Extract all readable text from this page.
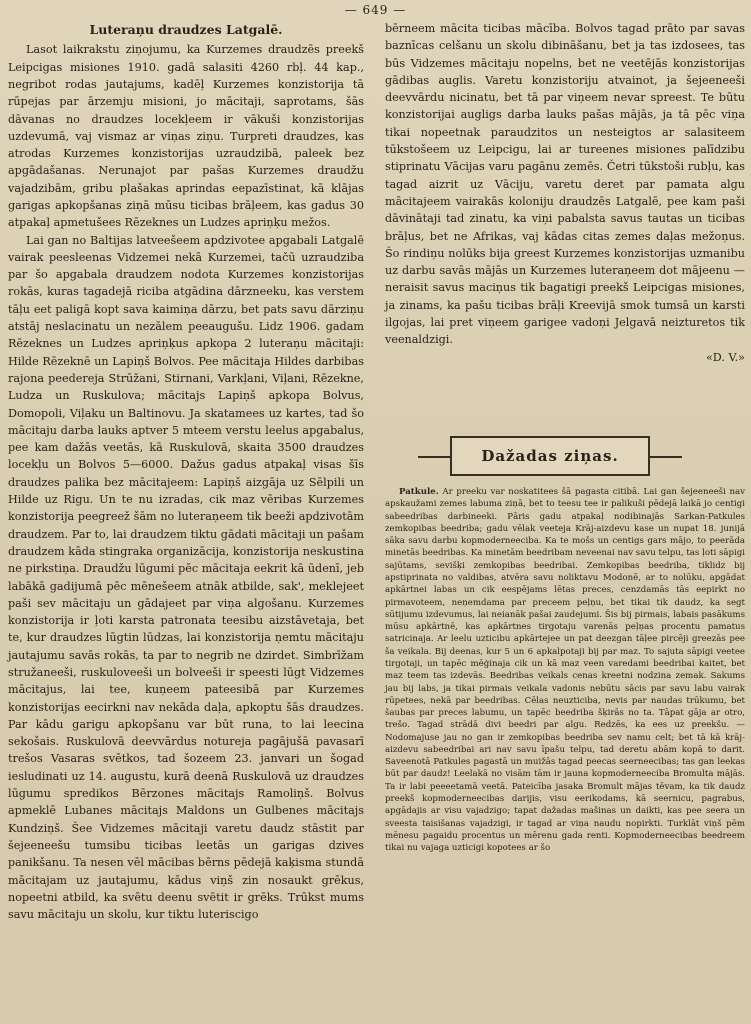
— 649 —
Luteraņu draudzes Latgalē.

Lasot laikrakstu ziņojumu, ka Kurzemes draudzēs preekš Leipcigas misiones 1910. gadā salasiti 4260 rbļ. 44 kap., negribot rodas jautajums, kadēļ Kurzemes konzistorija tā rūpejas par ārzemju misioni, jo mācitaji, saprotams, šās dāvanas no draudzes locekļeem ir vākuši konzistorijas uzdevumā, vaj vismaz ar viņas ziņu. Turpreti draudzes, kas atrodas Kurzemes konzistorijas uzraudzibā, paleek bez apgādašanas. Nerunajot par pašas Kurzemes draudžu vajadzibām, gribu plašakas aprindas eepazīstinat, kā klājas garigas apkopšanas ziņā mūsu ticibas brāļeem, kas gadus 30 atpakaļ apmetušees Rēzeknes un Ludzes apriņķu mežos.

Lai gan no Baltijas latveešeem apdzivotee apgabali Latgalē vairak peesleenas Vidzemei nekā Kurzemei, tačū uzraudziba par šo apgabala draudzem nodota Kurzemes konzistorijas rokās, kuras tagadejā riciba atgādina dārzneeku, kas verstem tāļu eet paligā kopt sava kaimiņa dārzu, bet pats savu dārziņu atstāj neslacinatu un nezālem peeaugušu. Lidz 1906. gadam Rēzeknes un Ludzes apriņķus apkopa 2 luteraņu mācitaji: Hilde Rēzeknē un Lapiņš Bolvos. Pee mācitaja Hildes darbibas rajona peedereja Strūžani, Stirnani, Varkļani, Viļani, Rēzekne, Ludza un Ruskulova; mācitajs Lapiņš apkopa Bolvus, Domopoli, Viļaku un Baltinovu. Ja skatamees uz kartes, tad šo mācitaju darba lauks aptver 5 mteem verstu leelus apgabalus, pee kam dažās veetās, kā Ruskulovā, skaita 3500 draudzes locekļu un Bolvos 5—6000. Dažus gadus atpakaļ visas šīs draudzes palika bez mācitajeem: Lapiņš aizgāja uz Sēlpili un Hilde uz Rigu. Un te nu izradas, cik maz vēribas Kurzemes konzistorija peegreež šām no luteraņeem tik beeži apdzivotām draudzem. Par to, lai draudzem tiktu gādati mācitaji un pašam draudzem kāda stingraka organizācija, konzistorija neskustina ne pirkstiņa. Draudžu lūgumi pēc mācitaja eekrit kā ūdenī, jeb labākā gadijumā pēc mēnešeem atnāk atbilde, sak', meklejeet paši sev mācitaju un gādajeet par viņa algošanu. Kurzemes konzistorija ir ļoti karsta patronata teesibu aizstāvetaja, bet te, kur draudzes lūgtin lūdzas, lai konzistorija ņemtu mācitaju jautajumu savās rokās, ta par to negrib ne dzirdet. Simbrīžam stružaneeši, ruskuloveeši un bolveeši ir speesti lūgt Vidzemes mācitajus, lai tee, kuņeem pateesibā par Kurzemes konzistorijas eecirkni nav nekāda daļa, apkoptu šās draudzes. Par kādu garigu apkopšanu var būt runa, to lai leecina sekošais. Ruskulovā deevvārdus notureja pagājušā pavasarī trešos Vasaras svētkos, tad šozeem 23. janvari un šogad iesludinati uz 14. augustu, kurā deenā Ruskulovā uz draudzes lūgumu spredikos Bērzones mācitajs Ramoliņš. Bolvus apmeklē Lubanes mācitajs Maldons un Gulbenes mācitajs Kundziņš. Šee Vidzemes mācitaji varetu daudz stāstit par šejeeneešu tumsibu ticibas leetās un garigas dzives panikšanu. Ta nesen vēl mācibas bērns pēdejā kaķisma stundā mācitajam uz jautajumu, kādus viņš zin nosaukt grēkus, nopeetni atbild, ka svētu deenu svētit ir grēks. Trūkst mums savu mācitaju un skolu, kur tiktu luteriscigo

bērneem mācita ticibas mācība. Bolvos tagad prāto par savas baznīcas celšanu un skolu dibināšanu, bet ja tas izdosees, tas būs Vidzemes mācitaju nopelns, bet ne veetējās konzistorijas gādibas auglis. Varetu konzistoriju atvainot, ja šejeeneeši deevvārdu nicinatu, bet tā par viņeem nevar spreest. Te būtu konzistorijai augligs darba lauks pašas mājās, ja tā pēc viņa tikai nopeetnak paraudzitos un nesteigtos ar salasiteem tūkstošeem uz Leipcigu, lai ar tureenes misiones palīdzibu stiprinatu Vācijas varu pagānu zemēs. Četri tūkstoši rubļu, kas tagad aizrit uz Vāciju, varetu deret par pamata algu mācitajeem vairakās koloniju draudzēs Latgalē, pee kam paši dāvinātaji tad zinatu, ka viņi pabalsta savus tautas un ticibas brāļus, bet ne Afrikas, vaj kādas citas zemes daļas mežoņus. Šo rindiņu nolūks bija greest Kurzemes konzistorijas uzmanibu uz darbu savās mājās un Kurzemes luteraņeem dot mājeenu — neraisit savus maciņus tik bagatigi preekš Leipcigas misiones, ja zinams, ka pašu ticibas brāļi Kreevijā smok tumsā un karsti ilgojas, lai pret viņeem garigee vadoņi Jelgavā neizturetos tik veenaldzigi.

«D. V.»

Dažadas ziņas.

Patkule. Ar preeku var noskatitees šā pagasta citibā. Lai gan šejeeneeši nav apskaužami zemes labuma ziņā, bet to teesu tee ir palikuši pēdejā laikā jo centigi sabeedribas darbineeki. Pāris gadu atpakaļ nodibinajās Sarkan-Patkules zemkopibas beedriba; gadu vēlak veeteja Krāj-aizdevu kase un nupat 18. junijā sāka savu darbu kopmoderneeciba. Ka te mošs un centigs gars mājo, to peerāda minetās beedribas. Ka minetām beedribam neveenai nav savu telpu, tas ļoti sāpigi sajūtams, sevišķi zemkopibas beedribai. Zemkopibas beedriba, tiklidz bij apstiprinata no valdibas, atvēra savu noliktavu Modonē, ar to nolūku, apgādat apkārtnei labas un cik eespējams lētas preces, cenzdamās tās eepirkt no pirmavoteem, neņemdama par preceem peļņu, bet tikai tik daudz, ka segt sūtijumu izdevumus, lai neianāk pašai zaudejumi. Šis bij pirmais, labais pasākums mūsu apkārtnē, kas apkārtnes tirgotaju varenās peļņas procentu pamatus satricinaja. Ar leelu uzticibu apkārtejee un pat deezgan tāļee pircēji greezās pee ša veikala. Bij deenas, kur 5 un 6 apkalpotaji bij par maz. To sajuta sāpigi veetee tirgotaji, un tapēc mēģinaja cik un kā maz veen varedami beedribai kaitet, bet maz teem tas izdevās. Beedribas veikals cenas kreetni nodzina zemak. Sakums jau bij labs, ja tikai pirmais veikala vadonis nebūtu sācis par savu labu vairak rūpetees, nekā par beedribas. Cēlas neuzticiba, nevis par naudas trūkumu, bet šaubas par preces labumu, un tapēc beedriba šķirās no ta. Tāpat gāja ar otro, trešo. Tagad strādā divi beedri par algu. Redzēs, ka ees uz preekšu. — Nodomajuse jau no gan ir zemkopibas beedriba sev namu celt; bet tā kā krāj-aizdevu sabeedribai ari nav savu īpašu telpu, tad deretu abām kopā to darit. Saveenotā Patkules pagastā un muižās tagad peecas seerneecibas; tas gan leekas būt par daudz! Leelakā no visām tām ir jauna kopmoderneeciba Bromulta mājās. Ta ir labi peeeetamā veetā. Pateicība jasaka Bromult mājas tēvam, ka tik daudz preekš kopmoderneecibas darijis, visu eerikodams, kā seernicu, pagrabus, apgādajis ar visu vajadzigo; tapat dažadas mašinas un daikti, kas pee seera un sveesta taisišanas vajadzigi, ir tagad ar viņa naudu nopirkti. Turklāt viņš pēm mēnesu pagaidu procentus un mērenu gada renti. Kopmoderneecibas beedreem tikai nu vajaga uzticigi kopotees ar šo
